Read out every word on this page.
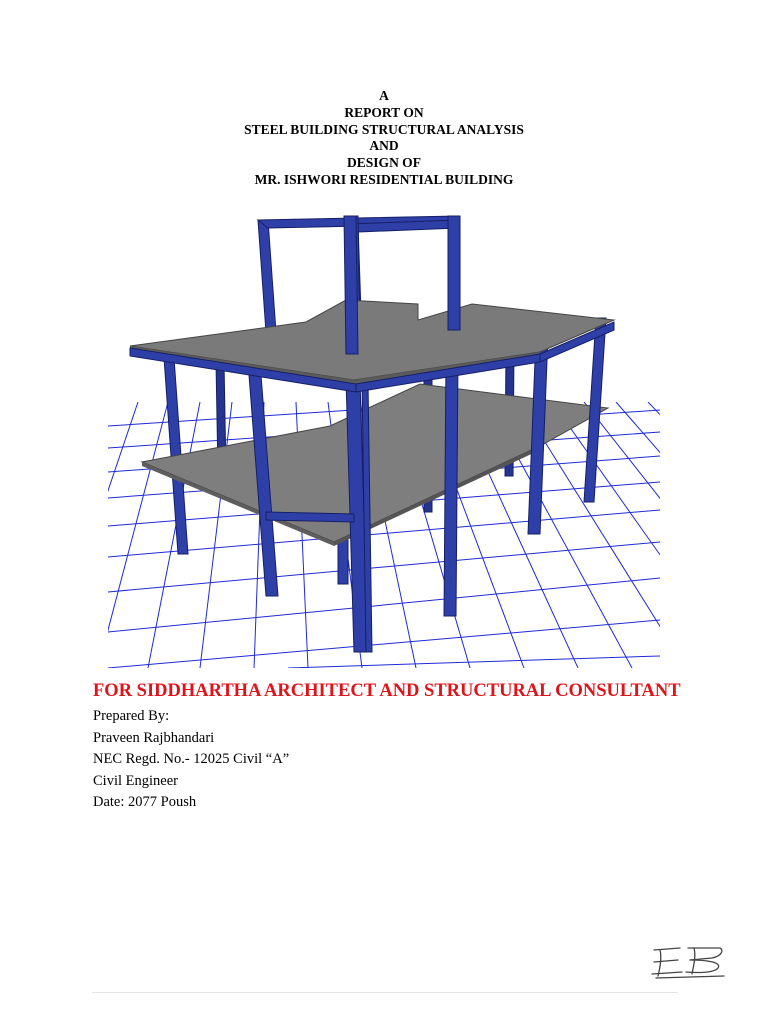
A
REPORT ON
STEEL BUILDING STRUCTURAL ANALYSIS
AND
DESIGN OF
MR. ISHWORI RESIDENTIAL BUILDING
FOR SIDDHARTHA ARCHITECT AND STRUCTURAL CONSULTANT
Prepared By:
Praveen Rajbhandari
NEC Regd. No.- 12025 Civil “A”
Civil Engineer
Date: 2077 Poush
